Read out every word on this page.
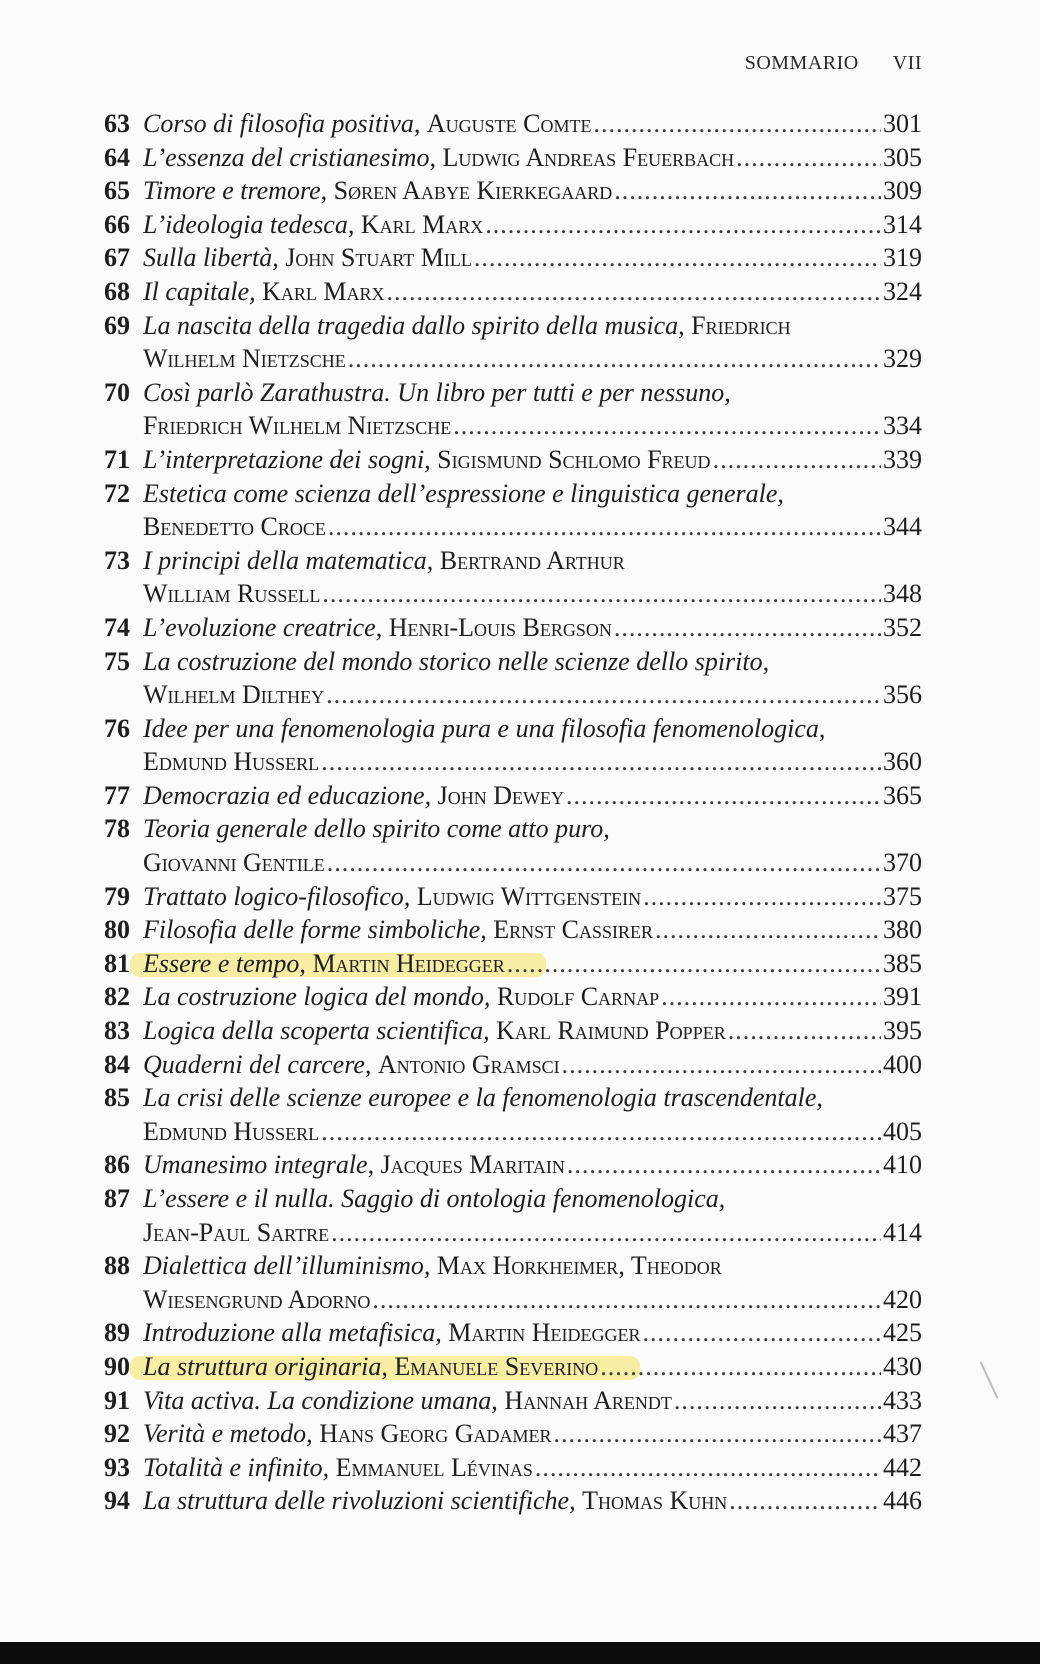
SOMMARIO VII
63 Corso di filosofia positiva, Auguste Comte .....	301
64 L’essenza del cristianesimo, Ludwig Andreas Feuerbach .....	305
65 Timore e tremore, Søren Aabye Kierkegaard .....	309
66 L’ideologia tedesca, Karl Marx .....	314
67 Sulla libertà, John Stuart Mill .....	319
68 Il capitale, Karl Marx .....	324
69 La nascita della tragedia dallo spirito della musica, Friedrich
Wilhelm Nietzsche .....	329
70 Così parlò Zarathustra. Un libro per tutti e per nessuno,
Friedrich Wilhelm Nietzsche .....	334
71 L’interpretazione dei sogni, Sigismund Schlomo Freud .....	339
72 Estetica come scienza dell’espressione e linguistica generale,
Benedetto Croce .....	344
73 I principi della matematica, Bertrand Arthur
William Russell .....	348
74 L’evoluzione creatrice, Henri-Louis Bergson .....	352
75 La costruzione del mondo storico nelle scienze dello spirito,
Wilhelm Dilthey .....	356
76 Idee per una fenomenologia pura e una filosofia fenomenologica,
Edmund Husserl .....	360
77 Democrazia ed educazione, John Dewey .....	365
78 Teoria generale dello spirito come atto puro,
Giovanni Gentile .....	370
79 Trattato logico-filosofico, Ludwig Wittgenstein .....	375
80 Filosofia delle forme simboliche, Ernst Cassirer .....	380
81 Essere e tempo, Martin Heidegger .....	385
82 La costruzione logica del mondo, Rudolf Carnap .....	391
83 Logica della scoperta scientifica, Karl Raimund Popper .....	395
84 Quaderni del carcere, Antonio Gramsci .....	400
85 La crisi delle scienze europee e la fenomenologia trascendentale,
Edmund Husserl .....	405
86 Umanesimo integrale, Jacques Maritain .....	410
87 L’essere e il nulla. Saggio di ontologia fenomenologica,
Jean-Paul Sartre .....	414
88 Dialettica dell’illuminismo, Max Horkheimer, Theodor
Wiesengrund Adorno .....	420
89 Introduzione alla metafisica, Martin Heidegger .....	425
90 La struttura originaria, Emanuele Severino .....	430
91 Vita activa. La condizione umana, Hannah Arendt .....	433
92 Verità e metodo, Hans Georg Gadamer .....	437
93 Totalità e infinito, Emmanuel Lévinas .....	442
94 La struttura delle rivoluzioni scientifiche, Thomas Kuhn .....	446
